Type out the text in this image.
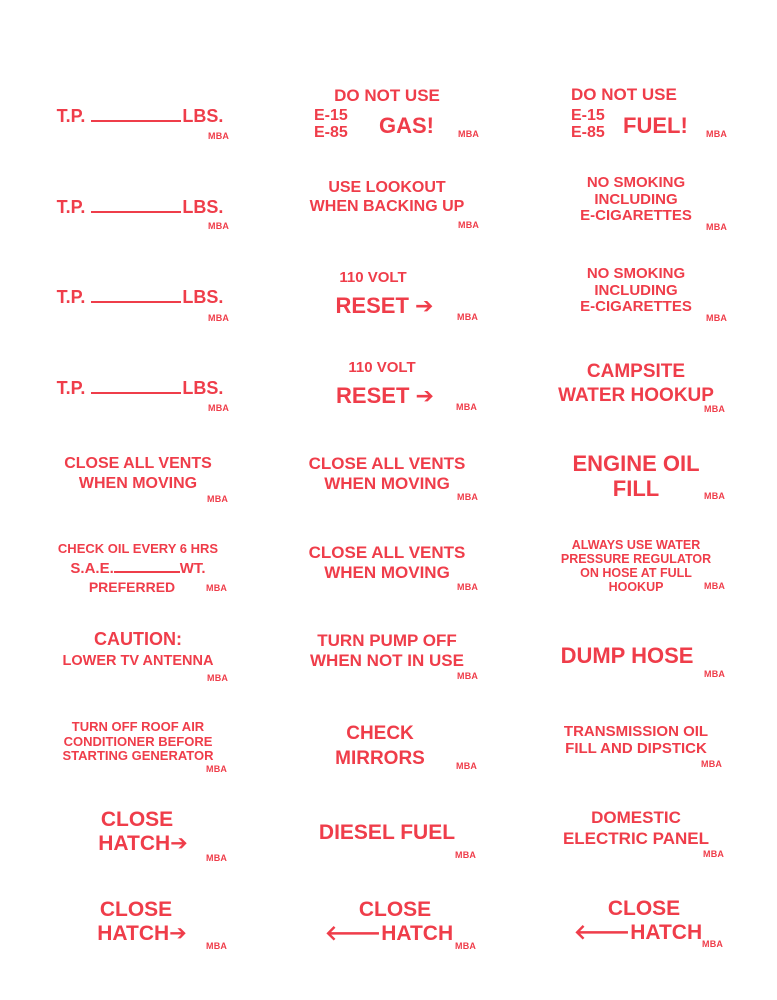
T.P.	LBS.
MBA
DO NOT USE
E-15
E-85 GAS!	MBA
DO NOT USE
E-15
E-85 FUEL! MBA
T.P.	LBS.
MBA
USE LOOKOUT
WHEN BACKING UP
MBA
NO SMOKING
INCLUDING
E-CIGARETTES
MBA
T.P.	LBS.
MBA
110 VOLT
RESET ➔	MBA
NO SMOKING
INCLUDING
E-CIGARETTES
MBA
T.P.	LBS.
MBA
110 VOLT
RESET ➔	MBA
CAMPSITE
WATER HOOKUP
MBA
CLOSE ALL VENTS
WHEN MOVING
MBA
CLOSE ALL VENTS
WHEN MOVING
MBA
ENGINE OIL
FILL	MBA
CHECK OIL EVERY 6 HRS
S.A.E.	WT.
PREFERRED	MBA
CLOSE ALL VENTS
WHEN MOVING
MBA
ALWAYS USE WATER
PRESSURE REGULATOR
ON HOSE AT FULL
HOOKUP	MBA
CAUTION:
LOWER TV ANTENNA
MBA
TURN PUMP OFF
WHEN NOT IN USE
MBA
DUMP HOSE
MBA
TURN OFF ROOF AIR
CONDITIONER BEFORE
STARTING GENERATOR
MBA
CHECK
MIRRORS	MBA
TRANSMISSION OIL
FILL AND DIPSTICK
MBA
CLOSE
HATCH➔
MBA
DIESEL FUEL
MBA
DOMESTIC
ELECTRIC PANEL
MBA
CLOSE
HATCH➔
MBA
CLOSE
🡐HATCH
MBA
CLOSE
🡐HATCH MBA
